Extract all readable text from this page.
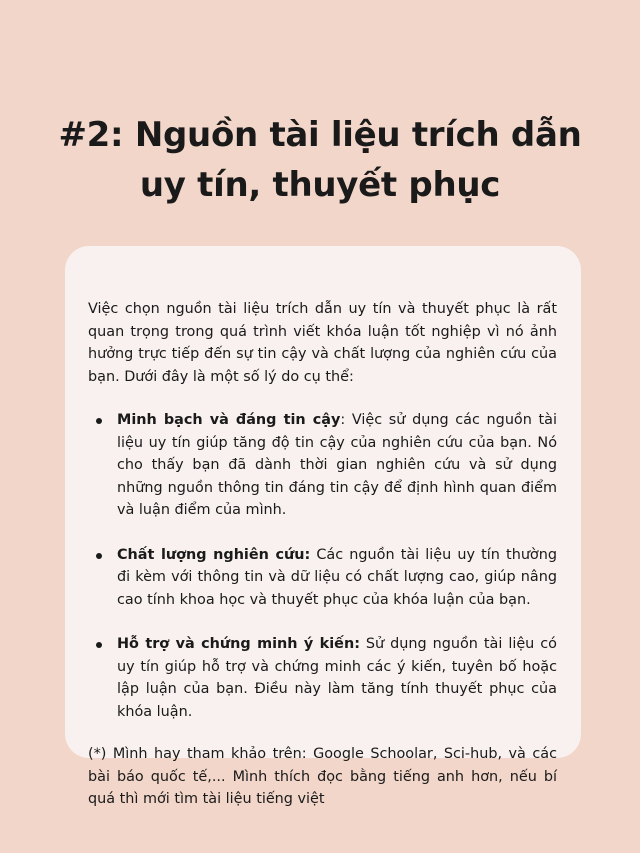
#2: Nguồn tài liệu trích dẫn
uy tín, thuyết phục

Việc chọn nguồn tài liệu trích dẫn uy tín và thuyết phục là rất quan trọng trong quá trình viết khóa luận tốt nghiệp vì nó ảnh hưởng trực tiếp đến sự tin cậy và chất lượng của nghiên cứu của bạn. Dưới đây là một số lý do cụ thể:

Minh bạch và đáng tin cậy: Việc sử dụng các nguồn tài liệu uy tín giúp tăng độ tin cậy của nghiên cứu của bạn. Nó cho thấy bạn đã dành thời gian nghiên cứu và sử dụng những nguồn thông tin đáng tin cậy để định hình quan điểm và luận điểm của mình.
Chất lượng nghiên cứu: Các nguồn tài liệu uy tín thường đi kèm với thông tin và dữ liệu có chất lượng cao, giúp nâng cao tính khoa học và thuyết phục của khóa luận của bạn.
Hỗ trợ và chứng minh ý kiến: Sử dụng nguồn tài liệu có uy tín giúp hỗ trợ và chứng minh các ý kiến, tuyên bố hoặc lập luận của bạn. Điều này làm tăng tính thuyết phục của khóa luận.

(*) Mình hay tham khảo trên: Google Schoolar, Sci-hub, và các bài báo quốc tế,... Mình thích đọc bằng tiếng anh hơn, nếu bí quá thì mới tìm tài liệu tiếng việt
